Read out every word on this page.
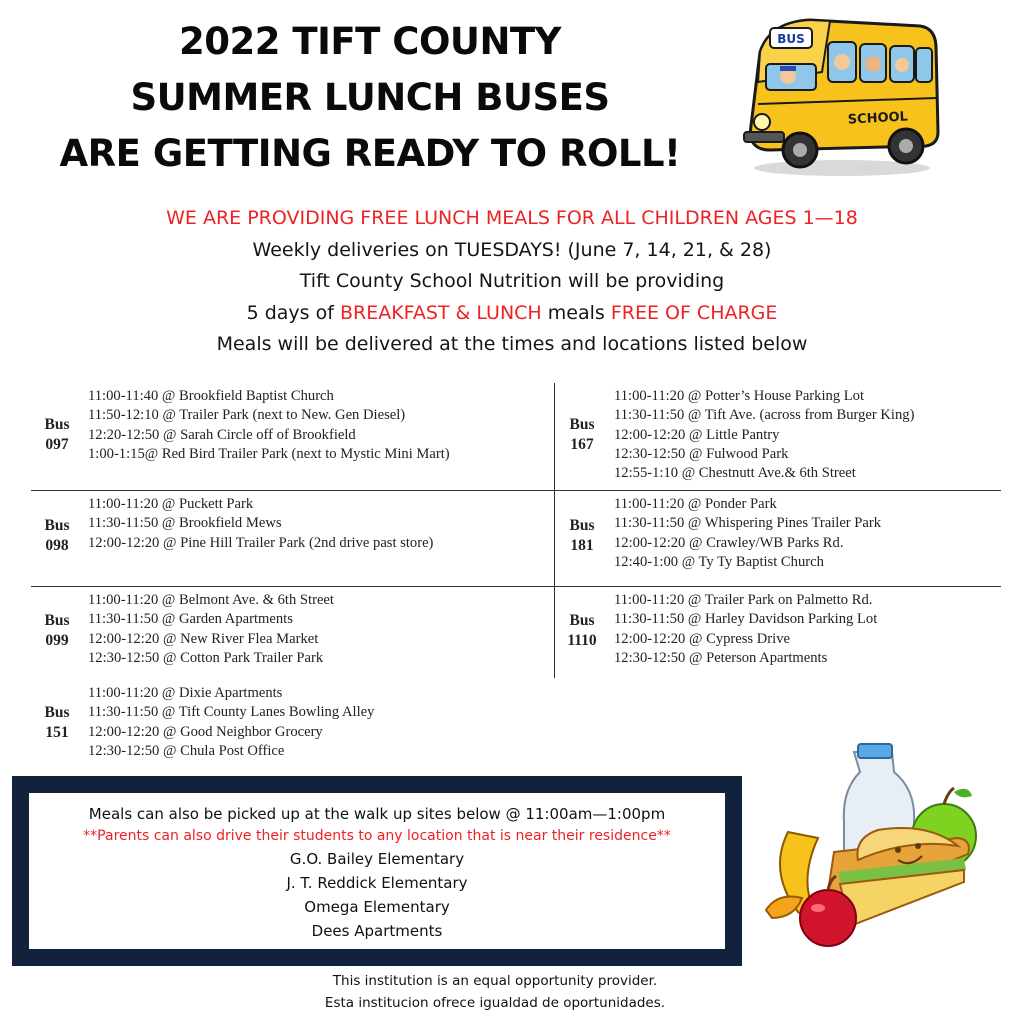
2022 TIFT COUNTY
SUMMER LUNCH BUSES
ARE GETTING READY TO ROLL!
BUS
SCHOOL
WE ARE PROVIDING FREE LUNCH MEALS FOR ALL CHILDREN AGES 1—18
Weekly deliveries on TUESDAYS! (June 7, 14, 21, & 28)
Tift County School Nutrition will be providing
5 days of BREAKFAST & LUNCH meals FREE OF CHARGE
Meals will be delivered at the times and locations listed below
Bus
097
11:00-11:40 @ Brookfield Baptist Church
11:50-12:10 @ Trailer Park (next to New. Gen Diesel)
12:20-12:50 @ Sarah Circle off of Brookfield
1:00-1:15@ Red Bird Trailer Park (next to Mystic Mini Mart)
Bus
167
11:00-11:20 @ Potter’s House Parking Lot
11:30-11:50 @ Tift Ave. (across from Burger King)
12:00-12:20 @ Little Pantry
12:30-12:50 @ Fulwood Park
12:55-1:10 @ Chestnutt Ave.& 6th Street
Bus
098
11:00-11:20 @ Puckett Park
11:30-11:50 @ Brookfield Mews
12:00-12:20 @ Pine Hill Trailer Park (2nd drive past store)
Bus
181
11:00-11:20 @ Ponder Park
11:30-11:50 @ Whispering Pines Trailer Park
12:00-12:20 @ Crawley/WB Parks Rd.
12:40-1:00 @ Ty Ty Baptist Church
Bus
099
11:00-11:20 @ Belmont Ave. & 6th Street
11:30-11:50 @ Garden Apartments
12:00-12:20 @ New River Flea Market
12:30-12:50 @ Cotton Park Trailer Park
Bus
1110
11:00-11:20 @ Trailer Park on Palmetto Rd.
11:30-11:50 @ Harley Davidson Parking Lot
12:00-12:20 @ Cypress Drive
12:30-12:50 @ Peterson Apartments
Bus
151
11:00-11:20 @ Dixie Apartments
11:30-11:50 @ Tift County Lanes Bowling Alley
12:00-12:20 @ Good Neighbor Grocery
12:30-12:50 @ Chula Post Office
Meals can also be picked up at the walk up sites below @ 11:00am—1:00pm
**Parents can also drive their students to any location that is near their residence**
G.O. Bailey Elementary
J. T. Reddick Elementary
Omega Elementary
Dees Apartments
This institution is an equal opportunity provider.
Esta institucion ofrece igualdad de oportunidades.
